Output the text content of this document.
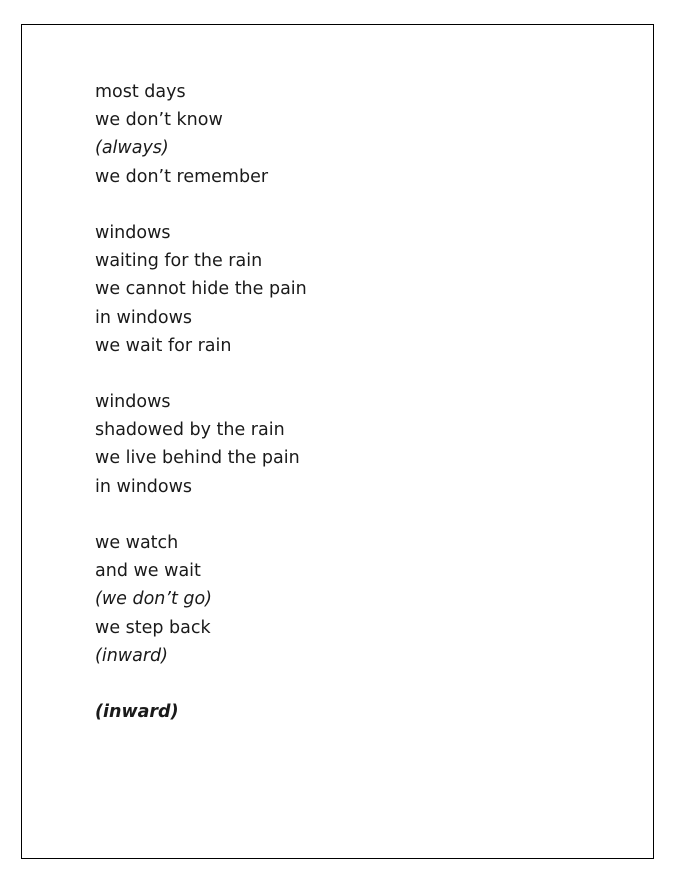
most days
we don’t know
(always)
we don’t remember
windows
waiting for the rain
we cannot hide the pain
in windows
we wait for rain
windows
shadowed by the rain
we live behind the pain
in windows
we watch
and we wait
(we don’t go)
we step back
(inward)
(inward)
